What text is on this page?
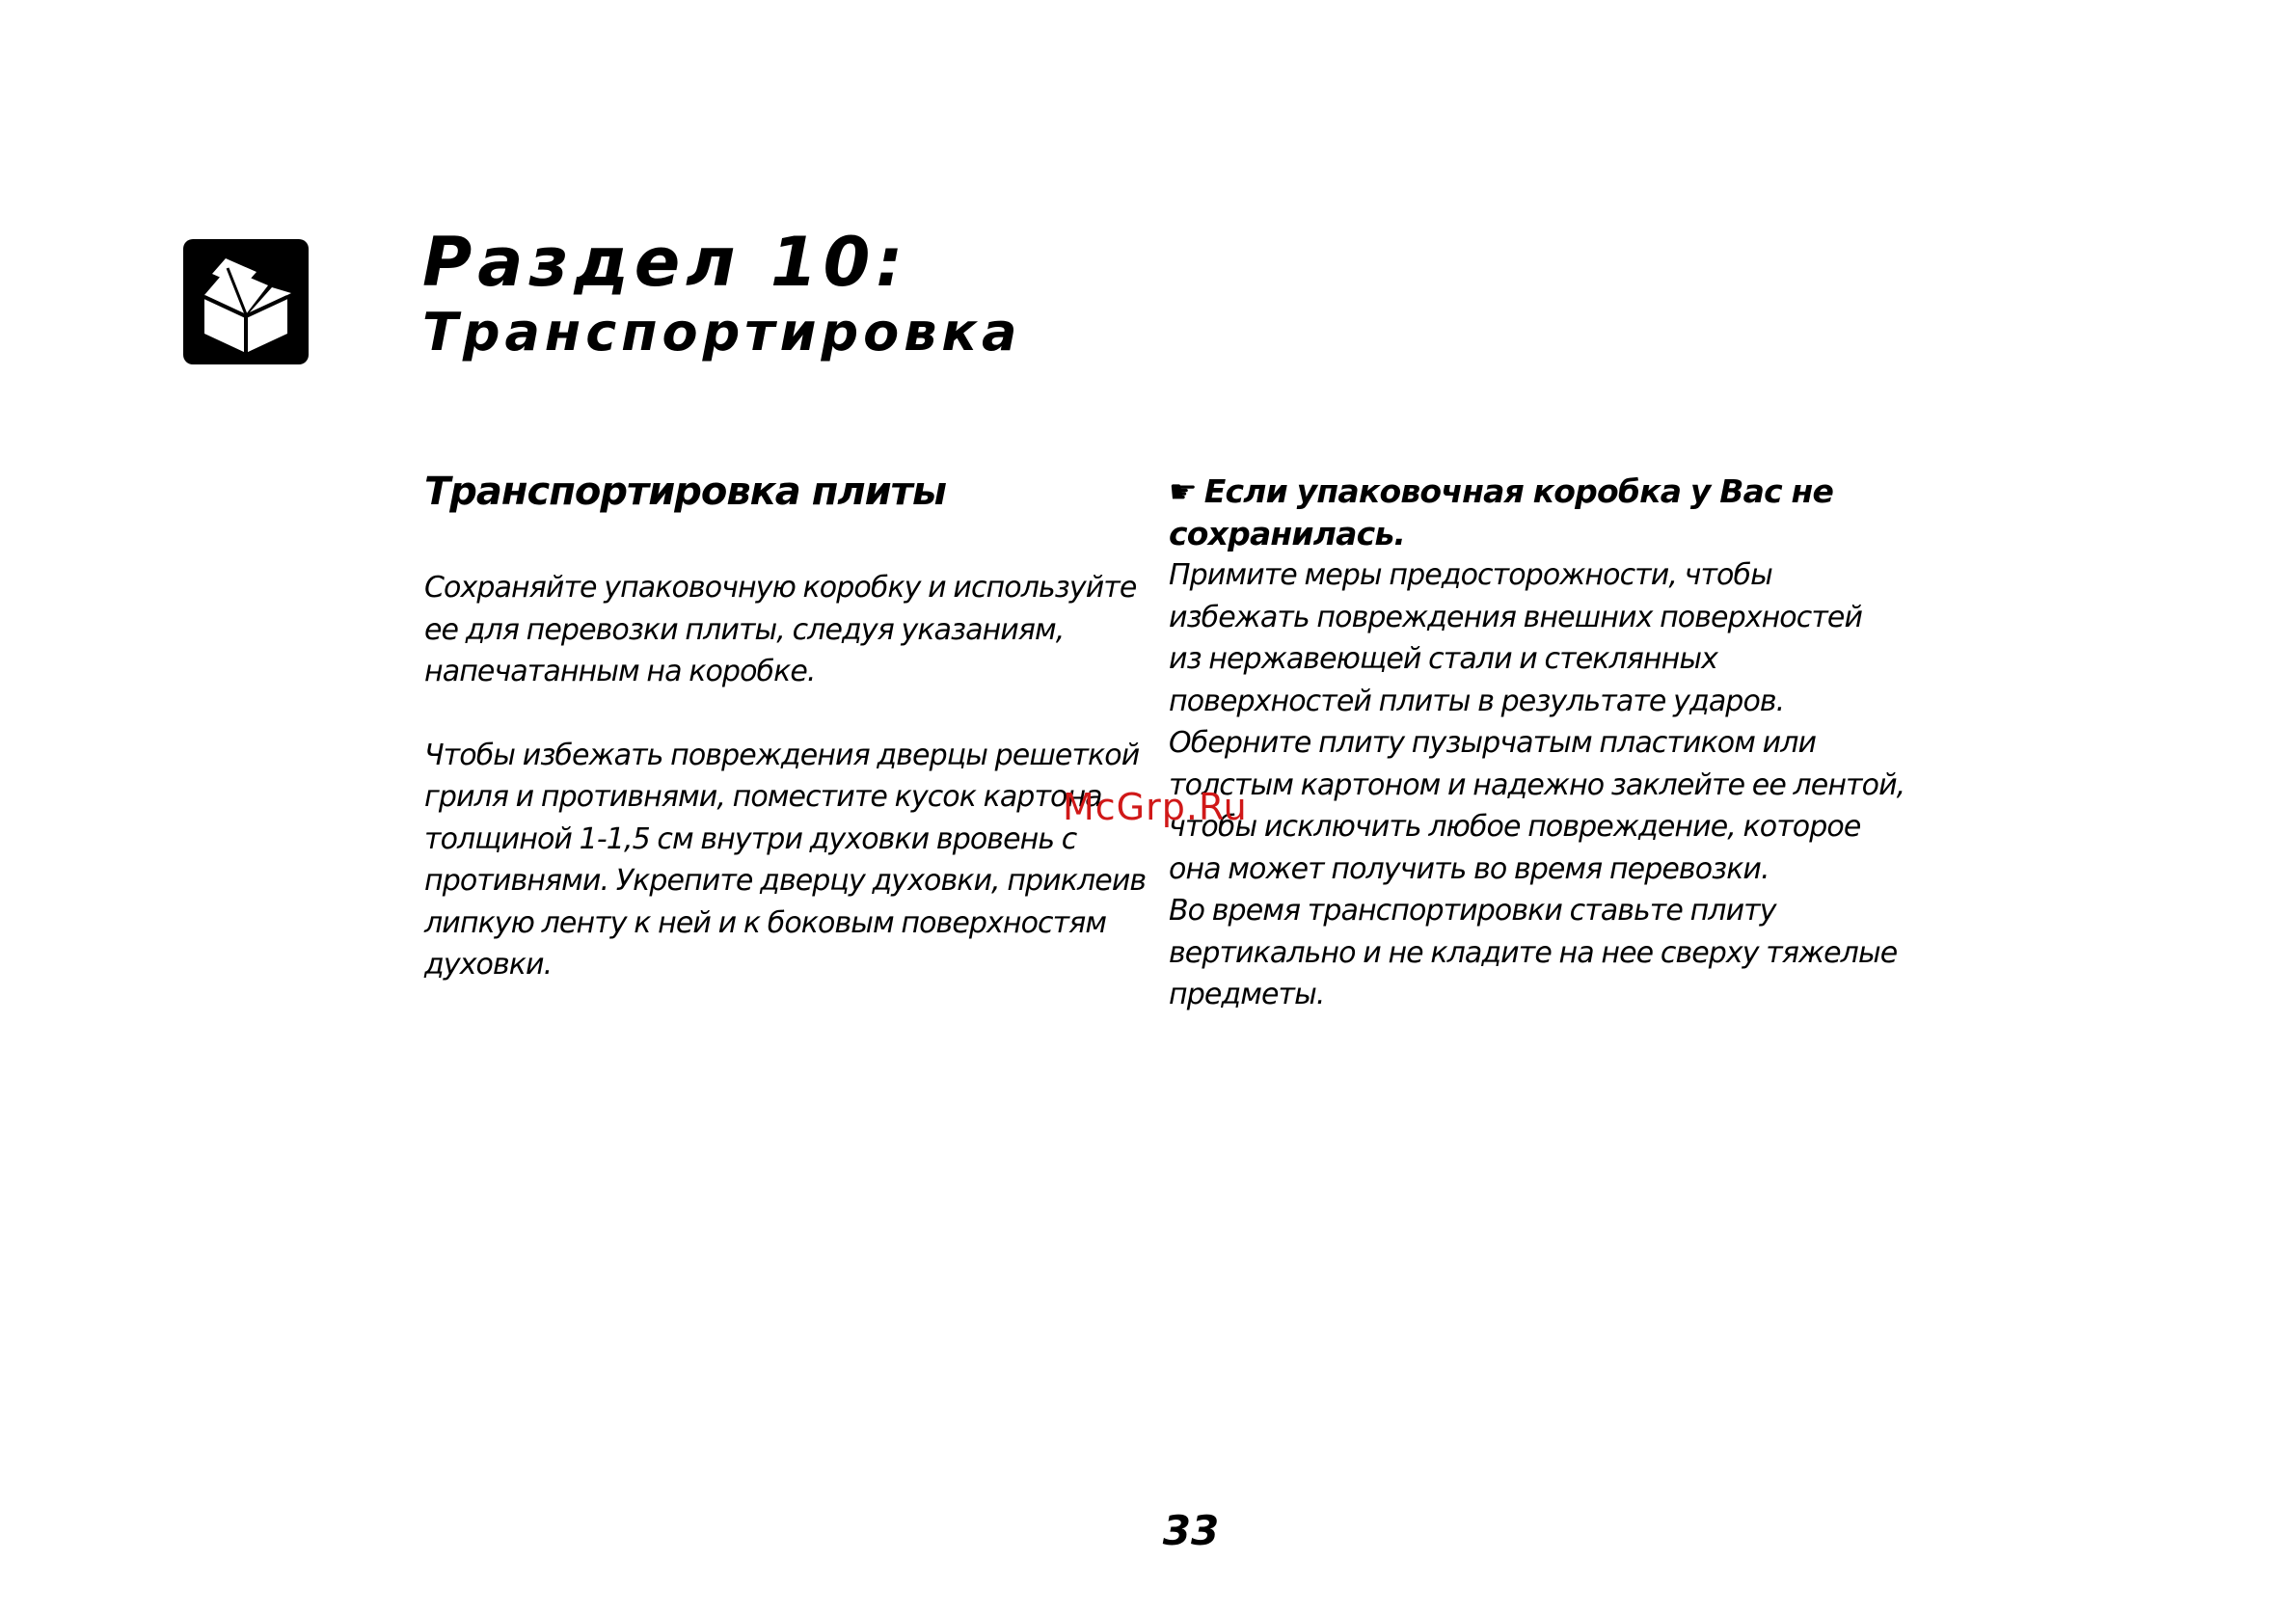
Раздел 10:
Транспортировка
Транспортировка плиты

Сохраняйте упаковочную коробку и используйте
ее для перевозки плиты, следуя указаниям,
напечатанным на коробке.

Чтобы избежать повреждения дверцы решеткой
гриля и противнями, поместите кусок картона
толщиной 1-1,5 см внутри духовки вровень с
противнями. Укрепите дверцу духовки, приклеив
липкую ленту к ней и к боковым поверхностям
духовки.

☛ Если упаковочная коробка у Вас не
сохранилась.

Примите меры предосторожности, чтобы
избежать повреждения внешних поверхностей
из нержавеющей стали и стеклянных
поверхностей плиты в результате ударов.
Оберните плиту пузырчатым пластиком или
толстым картоном и надежно заклейте ее лентой,
чтобы исключить любое повреждение, которое
она может получить во время перевозки.
Во время транспортировки ставьте плиту
вертикально и не кладите на нее сверху тяжелые
предметы.

McGrp.Ru
33
